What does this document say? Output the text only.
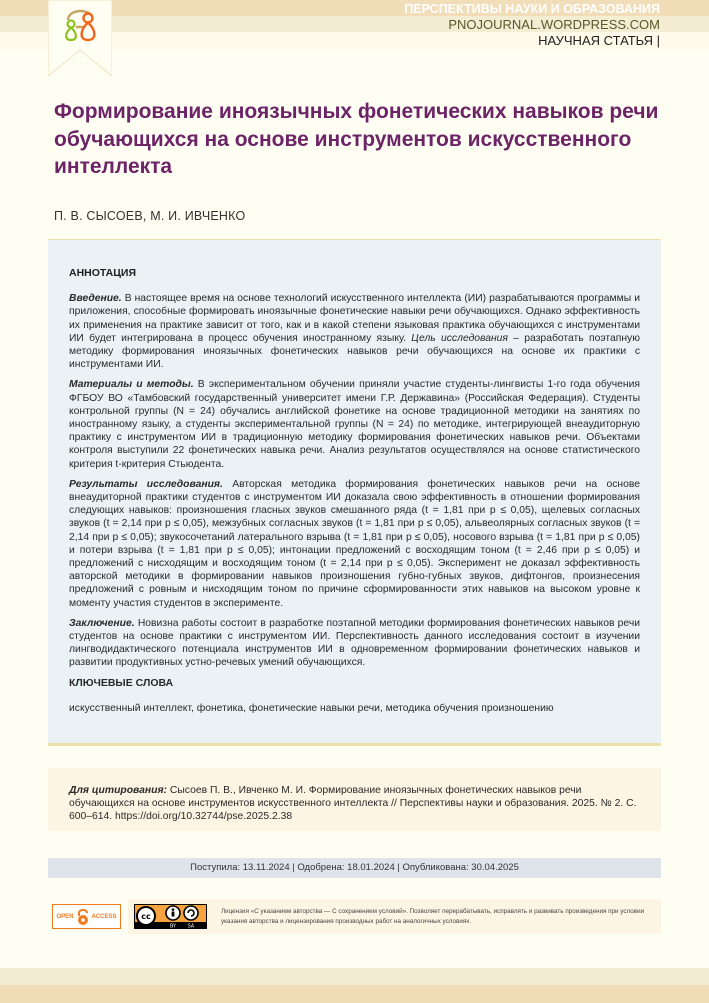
ПЕРСПЕКТИВЫ НАУКИ И ОБРАЗОВАНИЯ
PNOJOURNAL.WORDPRESS.COM
НАУЧНАЯ СТАТЬЯ |
Формирование иноязычных фонетических навыков речи обучающихся на основе инструментов искусственного интеллекта
П. В. СЫСОЕВ, М. И. ИВЧЕНКО
АННОТАЦИЯ

Введение. В настоящее время на основе технологий искусственного интеллекта (ИИ) разрабатываются программы и приложения, способные формировать иноязычные фонетические навыки речи обучающихся. Однако эффективность их применения на практике зависит от того, как и в какой степени языковая практика обучающихся с инструментами ИИ будет интегрирована в процесс обучения иностранному языку. Цель исследования – разработать поэтапную методику формирования иноязычных фонетических навыков речи обучающихся на основе их практики с инструментами ИИ.

Материалы и методы. В экспериментальном обучении приняли участие студенты-лингвисты 1-го года обучения ФГБОУ ВО «Тамбовский государственный университет имени Г.Р. Державина» (Российская Федерация). Студенты контрольной группы (N = 24) обучались английской фонетике на основе традиционной методики на занятиях по иностранному языку, а студенты экспериментальной группы (N = 24) по методике, интегрирующей внеаудиторную практику с инструментом ИИ в традиционную методику формирования фонетических навыков речи. Объектами контроля выступили 22 фонетических навыка речи. Анализ результатов осуществлялся на основе статистического критерия t-критерия Стьюдента.

Результаты исследования. Авторская методика формирования фонетических навыков речи на основе внеаудиторной практики студентов с инструментом ИИ доказала свою эффективность в отношении формирования следующих навыков: произношения гласных звуков смешанного ряда (t = 1,81 при p ≤ 0,05), щелевых согласных звуков (t = 2,14 при p ≤ 0,05), межзубных согласных звуков (t = 1,81 при p ≤ 0,05), альвеолярных согласных звуков (t = 2,14 при p ≤ 0,05); звукосочетаний латерального взрыва (t = 1,81 при p ≤ 0,05), носового взрыва (t = 1,81 при p ≤ 0,05) и потери взрыва (t = 1,81 при p ≤ 0,05); интонации предложений с восходящим тоном (t = 2,46 при p ≤ 0,05) и предложений с нисходящим и восходящим тоном (t = 2,14 при p ≤ 0,05). Эксперимент не доказал эффективность авторской методики в формировании навыков произношения губно-губных звуков, дифтонгов, произнесения предложений с ровным и нисходящим тоном по причине сформированности этих навыков на высоком уровне к моменту участия студентов в эксперименте.

Заключение. Новизна работы состоит в разработке поэтапной методики формирования фонетических навыков речи студентов на основе практики с инструментом ИИ. Перспективность данного исследования состоит в изучении лингводидактического потенциала инструментов ИИ в одновременном формировании фонетических навыков и развитии продуктивных устно-речевых умений обучающихся.

КЛЮЧЕВЫЕ СЛОВА

искусственный интеллект, фонетика, фонетические навыки речи, методика обучения произношению

Для цитирования: Сысоев П. В., Ивченко М. И. Формирование иноязычных фонетических навыков речи обучающихся на основе инструментов искусственного интеллекта // Перспективы науки и образования. 2025. № 2. С. 600–614. https://doi.org/10.32744/pse.2025.2.38
Поступила: 13.11.2024 | Одобрена: 18.01.2024 | Опубликована: 30.04.2025
OPEN	ACCESS	cc
BY SA
Лицензия «С указанием авторства — С сохранением условий». Позволяет перерабатывать, исправлять и развивать произведения при условии указания авторства и лицензирования производных работ на аналогичных условиях.
